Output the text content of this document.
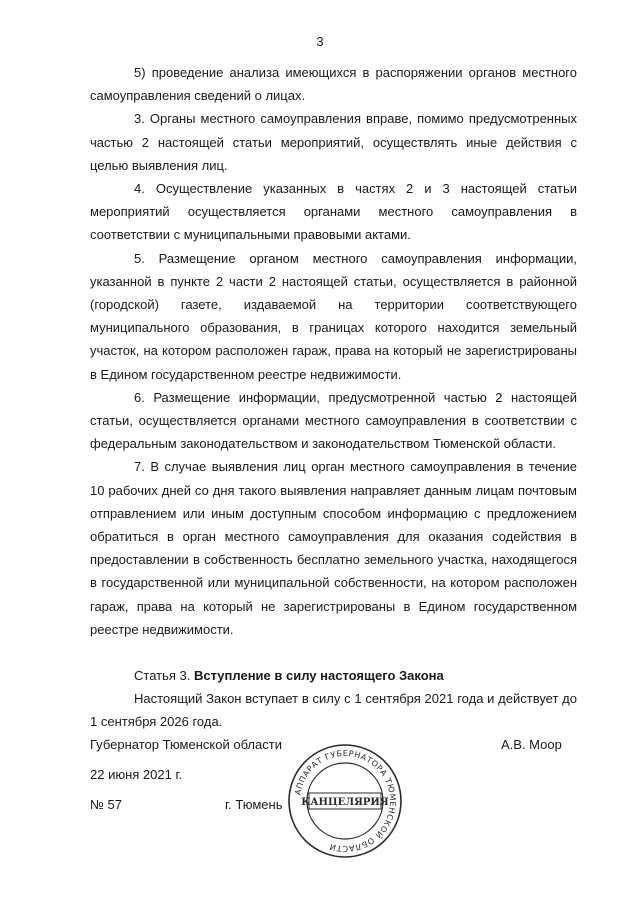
3

5) проведение анализа имеющихся в распоряжении органов местного самоуправления сведений о лицах.

3. Органы местного самоуправления вправе, помимо предусмотренных частью 2 настоящей статьи мероприятий, осуществлять иные действия с целью выявления лиц.

4. Осуществление указанных в частях 2 и 3 настоящей статьи мероприятий осуществляется органами местного самоуправления в соответствии с муниципальными правовыми актами.

5. Размещение органом местного самоуправления информации, указанной в пункте 2 части 2 настоящей статьи, осуществляется в районной (городской) газете, издаваемой на территории соответствующего муниципального образования, в границах которого находится земельный участок, на котором расположен гараж, права на который не зарегистрированы в Едином государственном реестре недвижимости.

6. Размещение информации, предусмотренной частью 2 настоящей статьи, осуществляется органами местного самоуправления в соответствии с федеральным законодательством и законодательством Тюменской области.

7. В случае выявления лиц орган местного самоуправления в течение 10 рабочих дней со дня такого выявления направляет данным лицам почтовым отправлением или иным доступным способом информацию с предложением обратиться в орган местного самоуправления для оказания содействия в предоставлении в собственность бесплатно земельного участка, находящегося в государственной или муниципальной собственности, на котором расположен гараж, права на который не зарегистрированы в Едином государственном реестре недвижимости.

Статья 3. Вступление в силу настоящего Закона

Настоящий Закон вступает в силу с 1 сентября 2021 года и действует до 1 сентября 2026 года.

Губернатор Тюменской области	А.В. Моор
22 июня 2021 г.
№ 57	г. Тюмень
АППАРАТ ГУБЕРНАТОРА ТЮМЕНСКОЙ ОБЛАСТИ
КАНЦЕЛЯРИЯ
